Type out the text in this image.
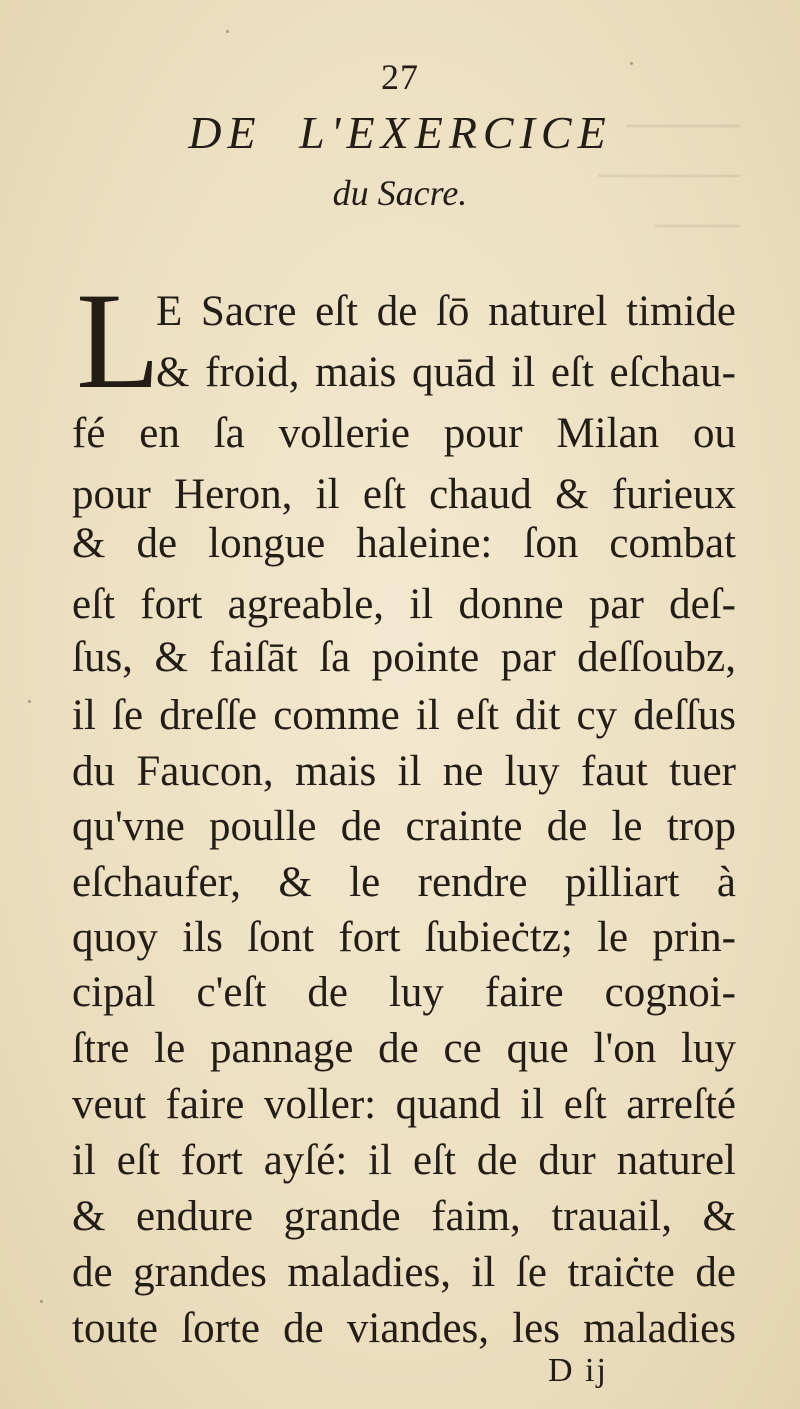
────
─────
───
27
DE L'EXERCICE
du Sacre.
L
E Sacre eſt de ſō naturel timide
& froid, mais quād il eſt eſchau-
fé en ſa vollerie pour Milan ou
pour Heron, il eſt chaud & furieux
& de longue haleine: ſon combat
eſt fort agreable, il donne par deſ-
ſus, & faiſāt ſa pointe par deſſoubz,
il ſe dreſſe comme il eſt dit cy deſſus
du Faucon, mais il ne luy faut tuer
qu'vne poulle de crainte de le trop
eſchaufer, & le rendre pilliart à
quoy ils ſont fort ſubieċtz; le prin-
cipal c'eſt de luy faire cognoi-
ſtre le pannage de ce que l'on luy
veut faire voller: quand il eſt arreſté
il eſt fort ayſé: il eſt de dur naturel
& endure grande faim, trauail, &
de grandes maladies, il ſe traiċte de
toute ſorte de viandes, les maladies
D ij
